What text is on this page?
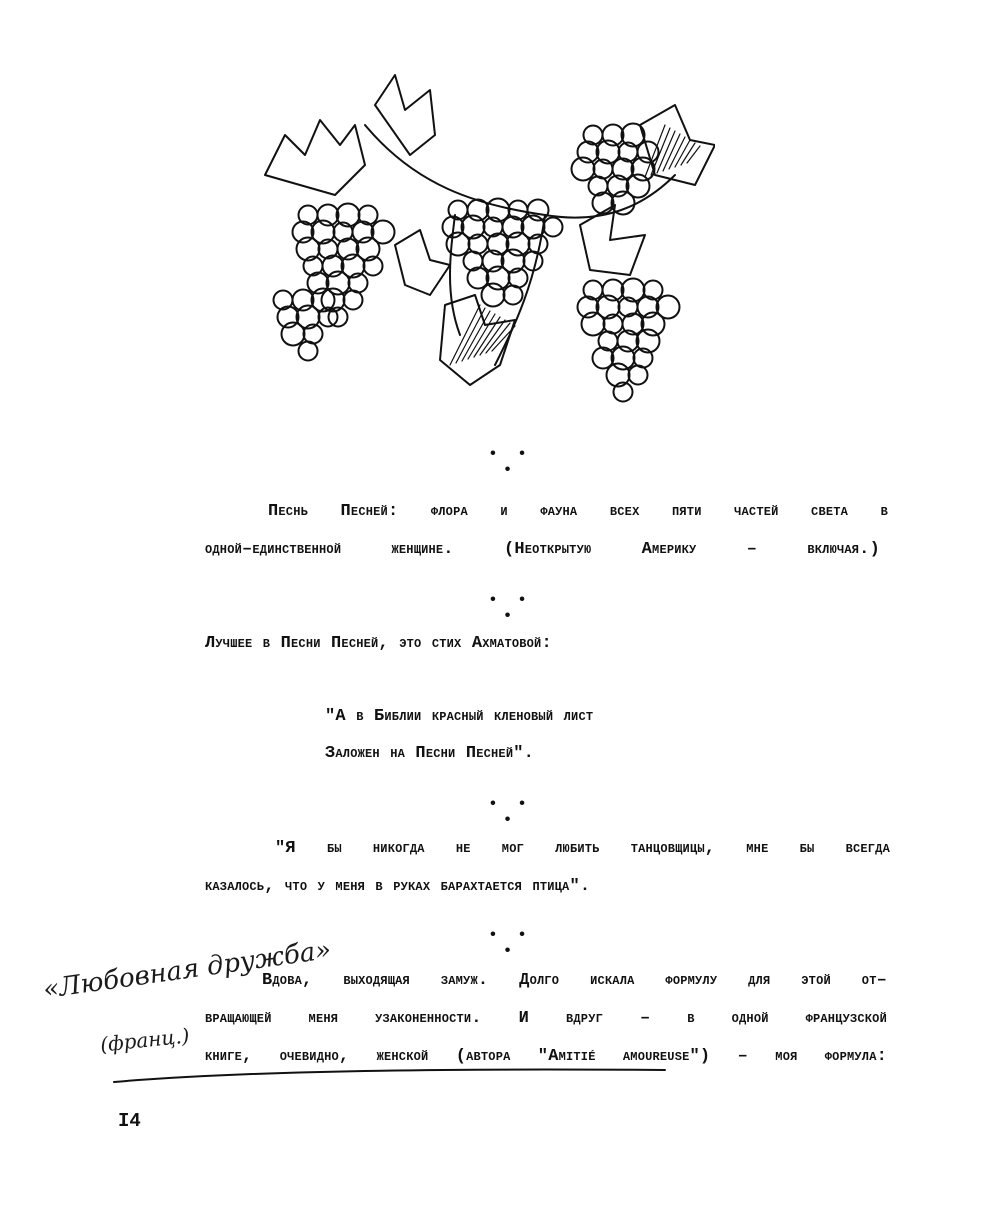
• • •
Песнь Песней: флора и фауна всех пяти частей света в
одной–единственной женщине. (Неоткрытую Америку – включая.)
• • •
Лучшее в Песни Песней, это стих Ахматовой:
"А в Библии красный кленовый лист
Заложен на Песни Песней".
• • •
"Я бы никогда не мог любить танцовщицы, мне бы всегда
казалось, что у меня в руках барахтается птица".
• • •
Вдова, выходящая замуж. Долго искала формулу для этой от–
вращающей меня узаконенности. И вдруг – в одной французской
книге, очевидно, женской (автора "Amitié amoureuse") – моя формула:
«Любовная дружба»
(франц.)
I4
